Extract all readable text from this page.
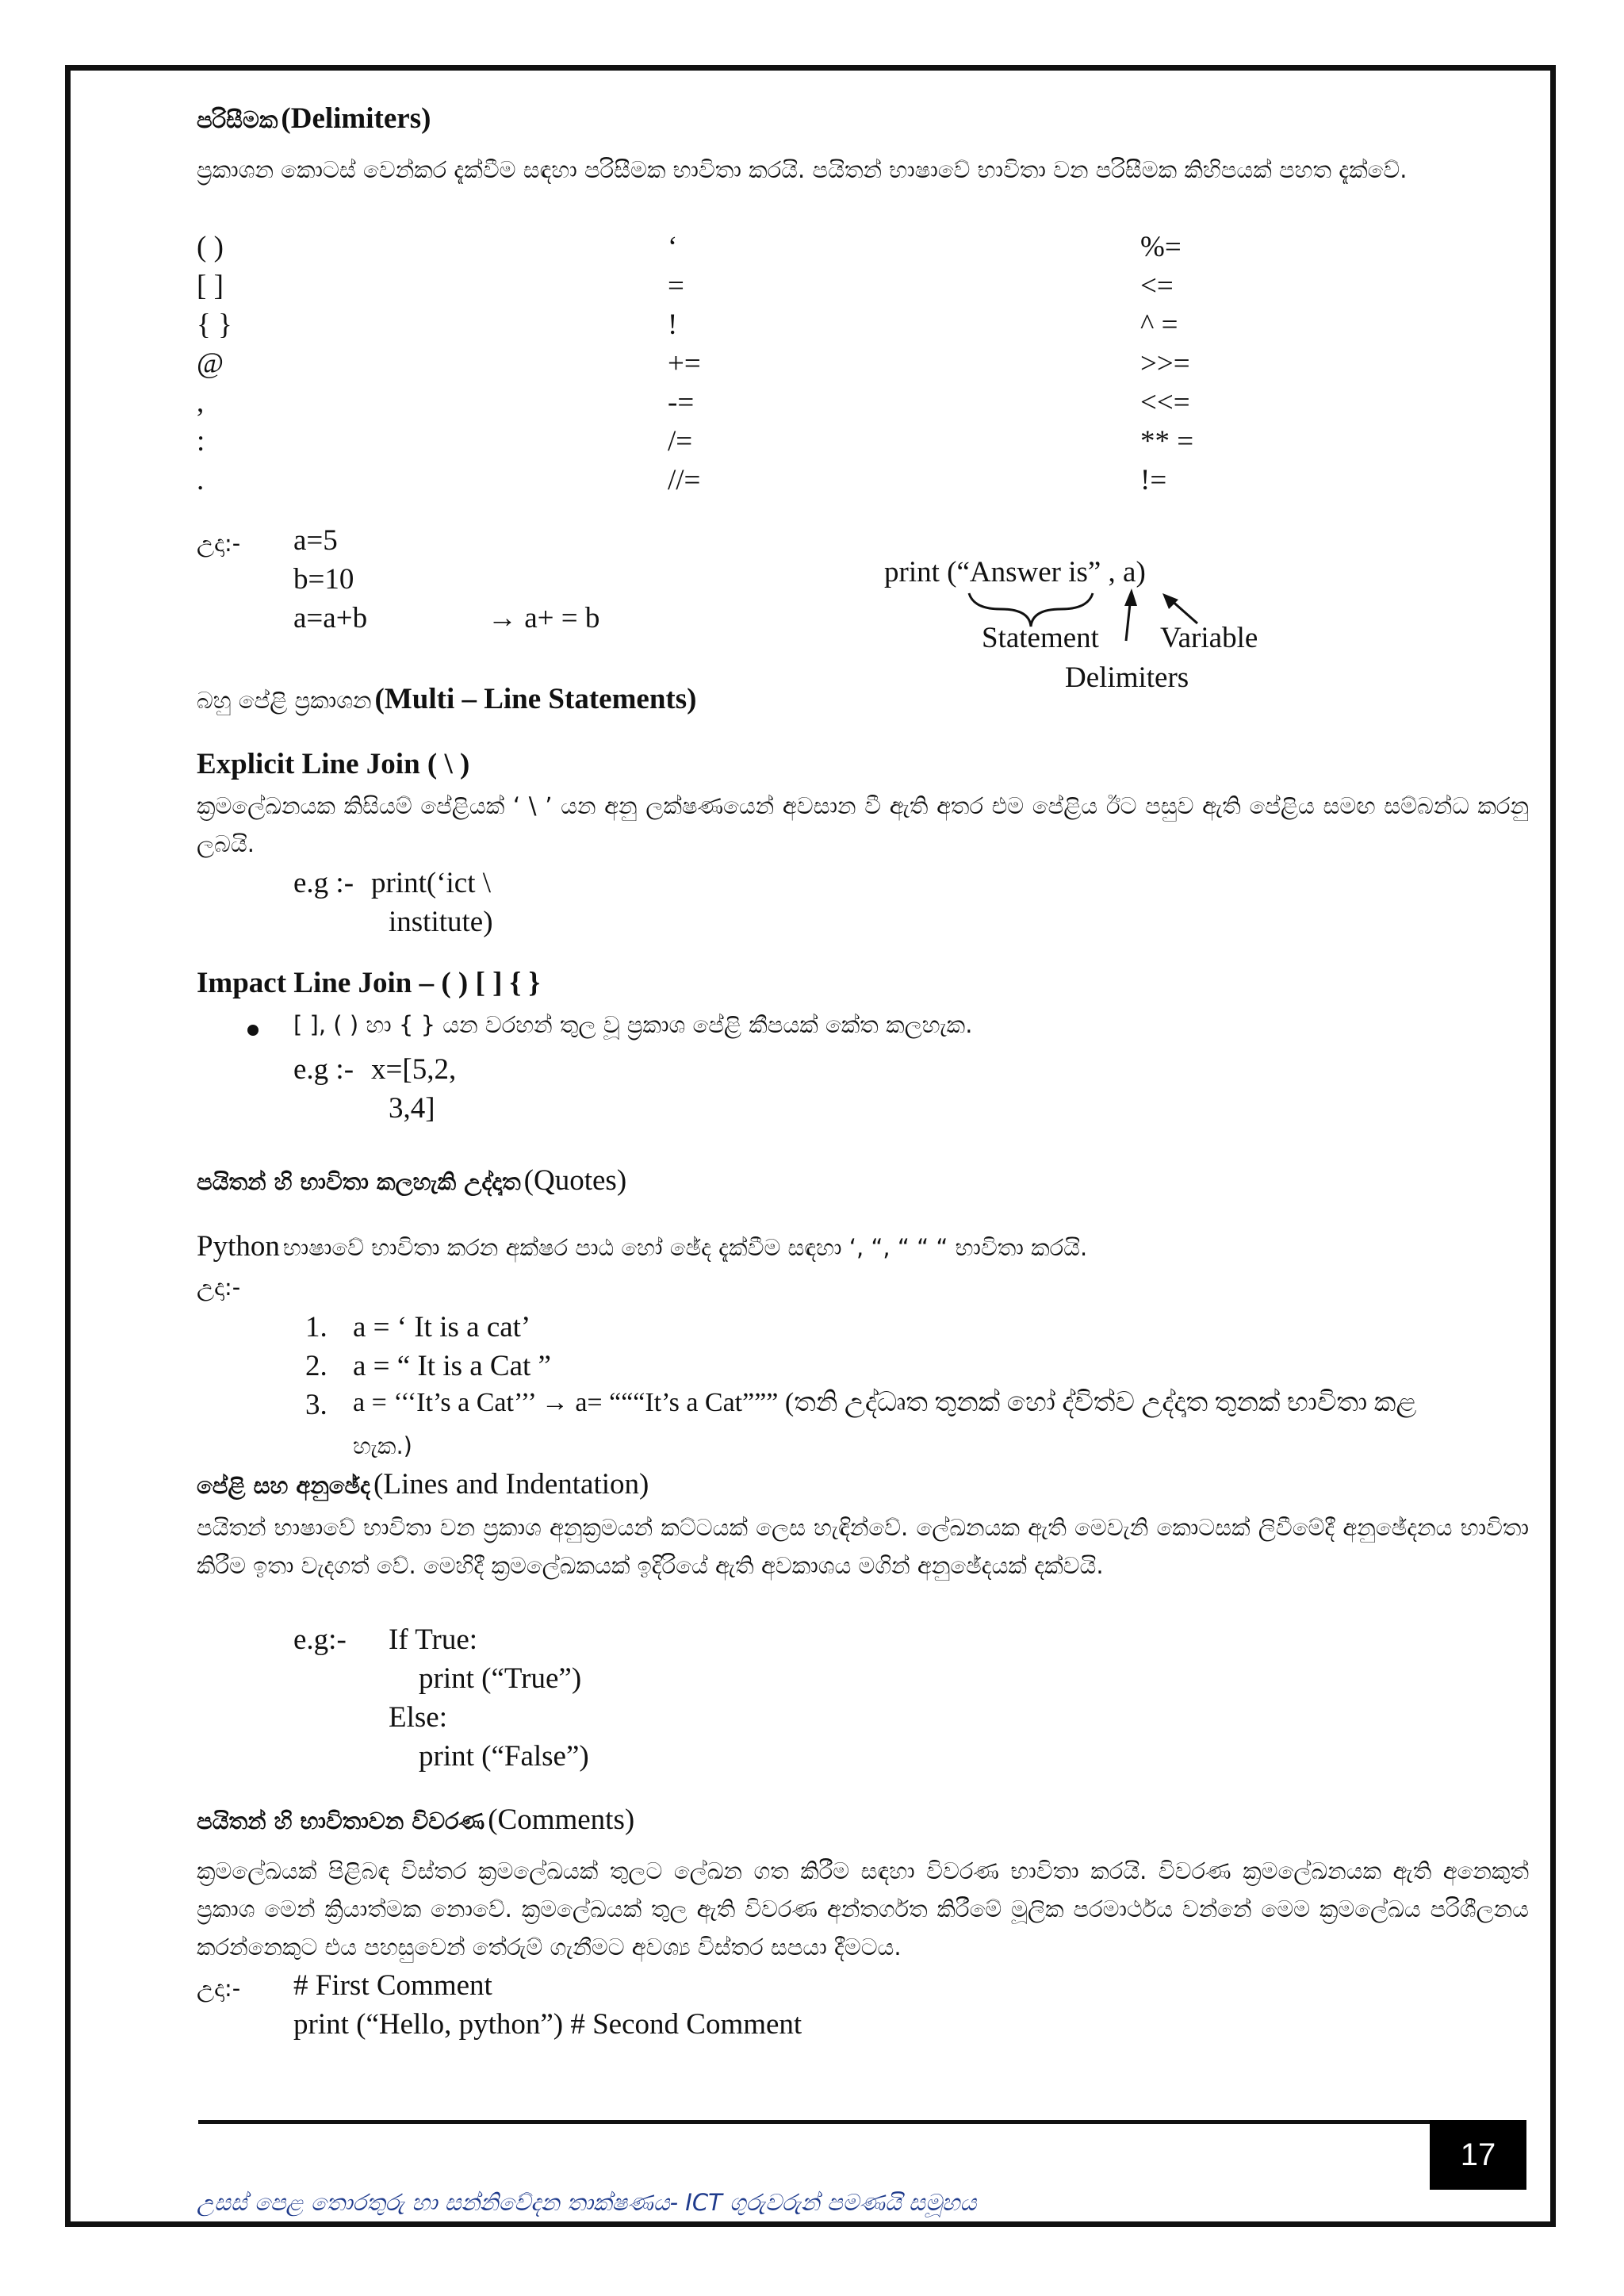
පරිසීමක (Delimiters)
ප්‍රකාශන කොටස් වෙන්කර දැක්වීම සඳහා පරිසීමක භාවිතා කරයි. පයිතන් භාෂාවේ භාවිතා වන පරිසීමක කිහිපයක් පහත දැක්වේ.
( )
[ ]
{ }
@
,
:
.
‘
=
!
+=
-=
/=
//=
%=
<=
^ =
>>=
<<=
** =
!=
උදා:- a=5
b=10
a=a+b	→ a+ = b
print (“Answer is” , a)
Statement Variable
Delimiters
බහු පේළි ප්‍රකාශන (Multi – Line Statements)
Explicit Line Join ( \ )
ක්‍රමලේඛනයක කිසියම් පේළියක් ‘ \ ’ යන අනු ලක්ෂණයෙන් අවසාන වී ඇති අතර එම පේළිය ඊට පසුව ඇති පේළිය සමඟ සම්බන්ධ කරනු ලබයි.
e.g :- print(‘ict \
institute)
Impact Line Join – ( ) [ ] { }
[ ], ( ) හා { } යන වරහන් තුල වූ ප්‍රකාශ පේළි කීපයක් කේත කලහැක.
e.g :- x=[5,2,
3,4]
පයිතන් හි භාවිතා කලහැකි උද්දෘත (Quotes)
Python භාෂාවේ භාවිතා කරන අක්ෂර පාඨ හෝ ඡේද දැක්වීම සඳහා ‘, “, “ “ “ භාවිතා කරයි.
උදා:-
1. a = ‘ It is a cat’
2. a = “ It is a Cat ”
3. a = ‘‘‘It’s a Cat’’’ → a= “““It’s a Cat””” (තනි උද්ධෘත තුනක් හෝ ද්විත්ව උද්දෘත තුනක් භාවිතා කළ
හැක.)
පේළි සහ අනුඡේද (Lines and Indentation)
පයිතන් භාෂාවේ භාවිතා වන ප්‍රකාශ අනුක්‍රමයන් කට්ටයක් ලෙස හැඳින්වේ. ලේඛනයක ඇති මෙවැනි කොටසක් ලිවීමේදී අනුඡේදනය භාවිතා කිරීම ඉතා වැදගත් වේ. මෙහිදී ක්‍රමලේඛකයක් ඉදිරියේ ඇති අවකාශය මගින් අනුඡේදයක් දක්වයි.
e.g:- If True:
print (“True”)
Else:
print (“False”)
පයිතන් හි භාවිතාවන විවරණ (Comments)
ක්‍රමලේඛයක් පිළිබඳ විස්තර ක්‍රමලේඛයක් තුලට ලේඛන ගත කිරීම සඳහා විවරණ භාවිතා කරයි. විවරණ ක්‍රමලේඛනයක ඇති අනෙකුත් ප්‍රකාශ මෙන් ක්‍රියාත්මක නොවේ. ක්‍රමලේඛයක් තුල ඇති විවරණ අන්තර්ගත කිරීමේ මූලික පරමාර්ථය වන්නේ මෙම ක්‍රමලේඛය පරිශීලනය කරන්නෙකුට එය පහසුවෙන් තේරුම් ගැනීමට අවශ්‍ය විස්තර සපයා දීමටය.
උදා:- # First Comment
print (“Hello, python”) # Second Comment
17
උසස් පෙළ තොරතුරු හා සන්නිවේදන තාක්ෂණය- ICT ගුරුවරුන් පමණයි සමූහය
